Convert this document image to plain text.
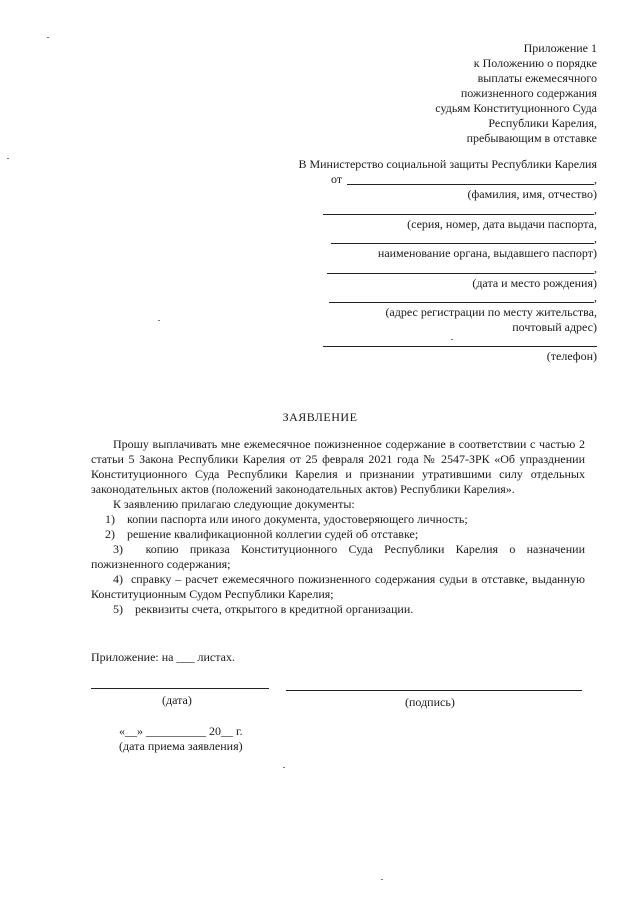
Приложение 1
к Положению о порядке
выплаты ежемесячного
пожизненного содержания
судьям Конституционного Суда
Республики Карелия,
пребывающим в отставке
В Министерство социальной защиты Республики Карелия
от	,
(фамилия, имя, отчество)
,
(серия, номер, дата выдачи паспорта,
,
наименование органа, выдавшего паспорт)
,
(дата и место рождения)
,
(адрес регистрации по месту жительства,
почтовый адрес)
(телефон)
ЗАЯВЛЕНИЕ

Прошу выплачивать мне ежемесячное пожизненное содержание в соответствии с частью 2 статьи 5 Закона Республики Карелия от 25 февраля 2021 года № 2547-ЗРК «Об упразднении Конституционного Суда Республики Карелия и признании утратившими силу отдельных законодательных актов (положений законодательных актов) Республики Карелия».

К заявлению прилагаю следующие документы:

1)	копии паспорта или иного документа, удостоверяющего личность;
2)	решение квалификационной коллегии судей об отставке;

3) копию приказа Конституционного Суда Республики Карелия о назначении пожизненного содержания;

4) справку – расчет ежемесячного пожизненного содержания судьи в отставке, выданную Конституционным Судом Республики Карелия;

5) реквизиты счета, открытого в кредитной организации.

Приложение: на ___ листах.
(дата)	(подпись)
«__» __________ 20__ г.
(дата приема заявления)
